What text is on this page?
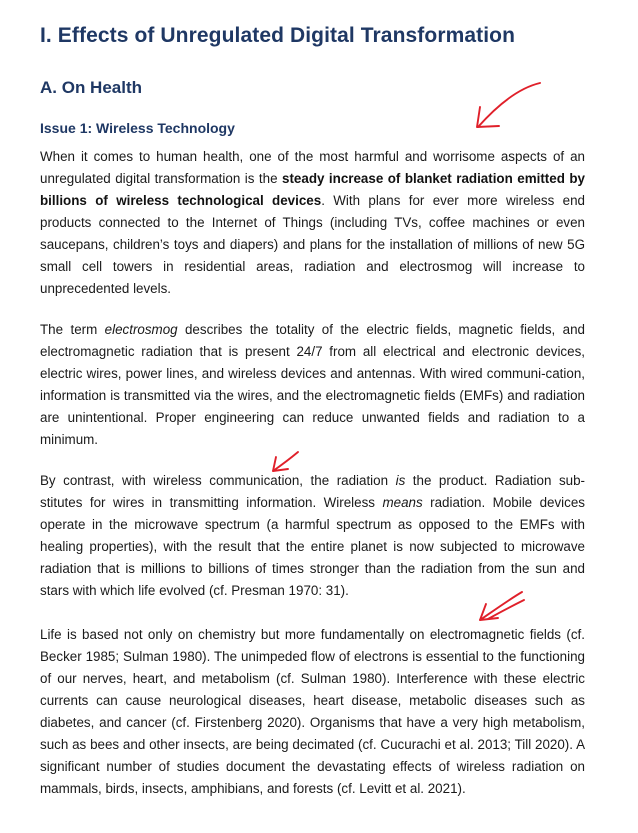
I. Effects of Unregulated Digital Transformation
A. On Health
Issue 1: Wireless Technology
When it comes to human health, one of the most harmful and worrisome aspects of an unregulated digital transformation is the steady increase of blanket radiation emitted by billions of wireless technological devices. With plans for ever more wireless end products connected to the Internet of Things (including TVs, coffee machines or even saucepans, children’s toys and diapers) and plans for the installation of millions of new 5G small cell towers in residential areas, radiation and electrosmog will increase to unprecedented levels.
The term electrosmog describes the totality of the electric fields, magnetic fields, and electromagnetic radiation that is present 24/7 from all electrical and electronic devices, electric wires, power lines, and wireless devices and antennas. With wired communi-cation, information is transmitted via the wires, and the electromagnetic fields (EMFs) and radiation are unintentional. Proper engineering can reduce unwanted fields and radiation to a minimum.
By contrast, with wireless communication, the radiation is the product. Radiation sub-stitutes for wires in transmitting information. Wireless means radiation. Mobile devices operate in the microwave spectrum (a harmful spectrum as opposed to the EMFs with healing properties), with the result that the entire planet is now subjected to microwave radiation that is millions to billions of times stronger than the radiation from the sun and stars with which life evolved (cf. Presman 1970: 31).
Life is based not only on chemistry but more fundamentally on electromagnetic fields (cf. Becker 1985; Sulman 1980). The unimpeded flow of electrons is essential to the functioning of our nerves, heart, and metabolism (cf. Sulman 1980). Interference with these electric currents can cause neurological diseases, heart disease, metabolic diseases such as diabetes, and cancer (cf. Firstenberg 2020). Organisms that have a very high metabolism, such as bees and other insects, are being decimated (cf. Cucurachi et al. 2013; Till 2020). A significant number of studies document the devastating effects of wireless radiation on mammals, birds, insects, amphibians, and forests (cf. Levitt et al. 2021).
